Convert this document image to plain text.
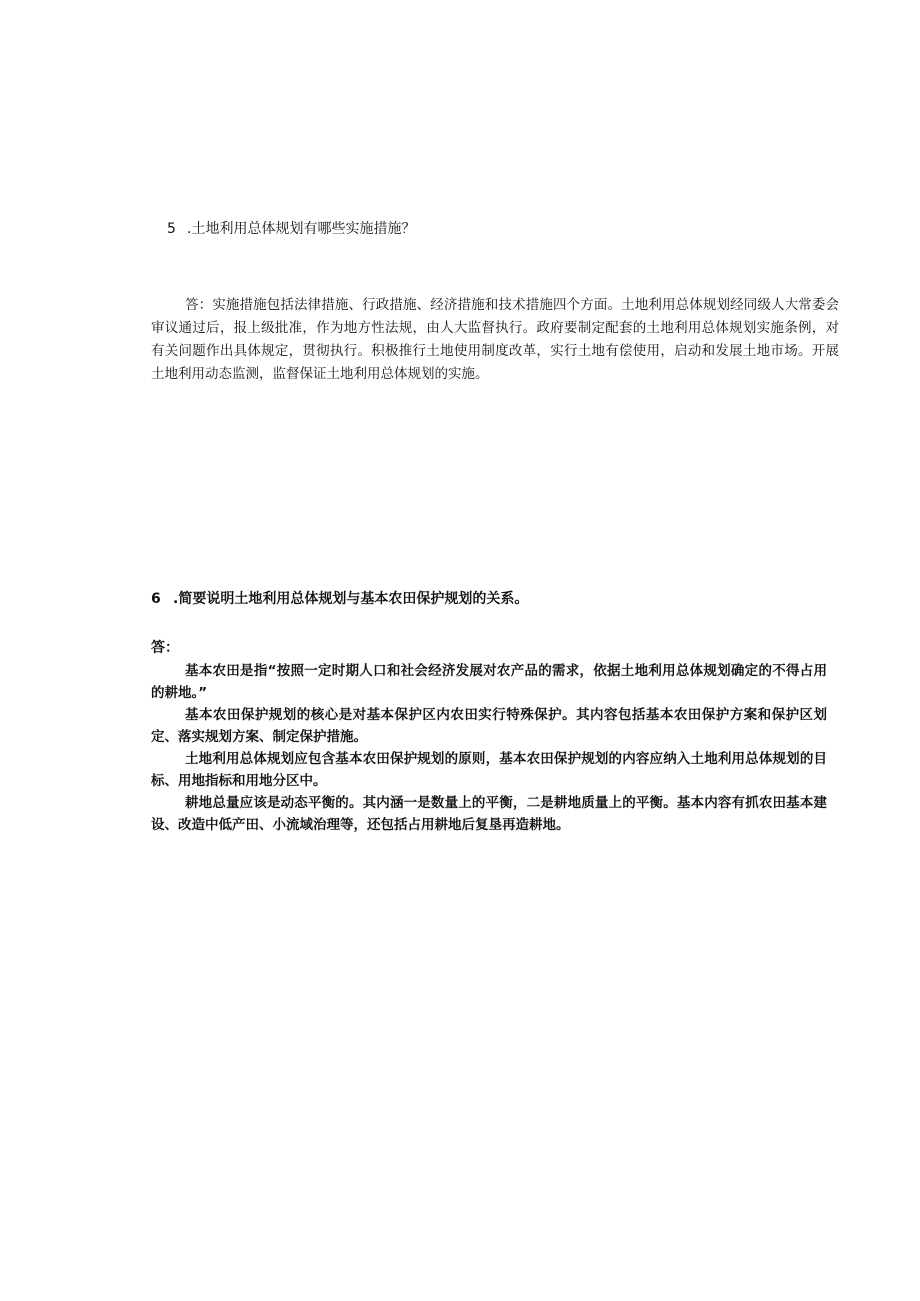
5 .土地利用总体规划有哪些实施措施？
答：实施措施包括法律措施、行政措施、经济措施和技术措施四个方面。土地利用总体规划经同级人大常委会审议通过后，报上级批准，作为地方性法规，由人大监督执行。政府要制定配套的土地利用总体规划实施条例，对有关问题作出具体规定，贯彻执行。积极推行土地使用制度改革，实行土地有偿使用，启动和发展土地市场。开展土地利用动态监测，监督保证土地利用总体规划的实施。
6 .简要说明土地利用总体规划与基本农田保护规划的关系。
答：

基本农田是指“按照一定时期人口和社会经济发展对农产品的需求，依据土地利用总体规划确定的不得占用的耕地。”

基本农田保护规划的核心是对基本保护区内农田实行特殊保护。其内容包括基本农田保护方案和保护区划定、落实规划方案、制定保护措施。

土地利用总体规划应包含基本农田保护规划的原则，基本农田保护规划的内容应纳入土地利用总体规划的目标、用地指标和用地分区中。

耕地总量应该是动态平衡的。其内涵一是数量上的平衡，二是耕地质量上的平衡。基本内容有抓农田基本建设、改造中低产田、小流域治理等，还包括占用耕地后复垦再造耕地。
